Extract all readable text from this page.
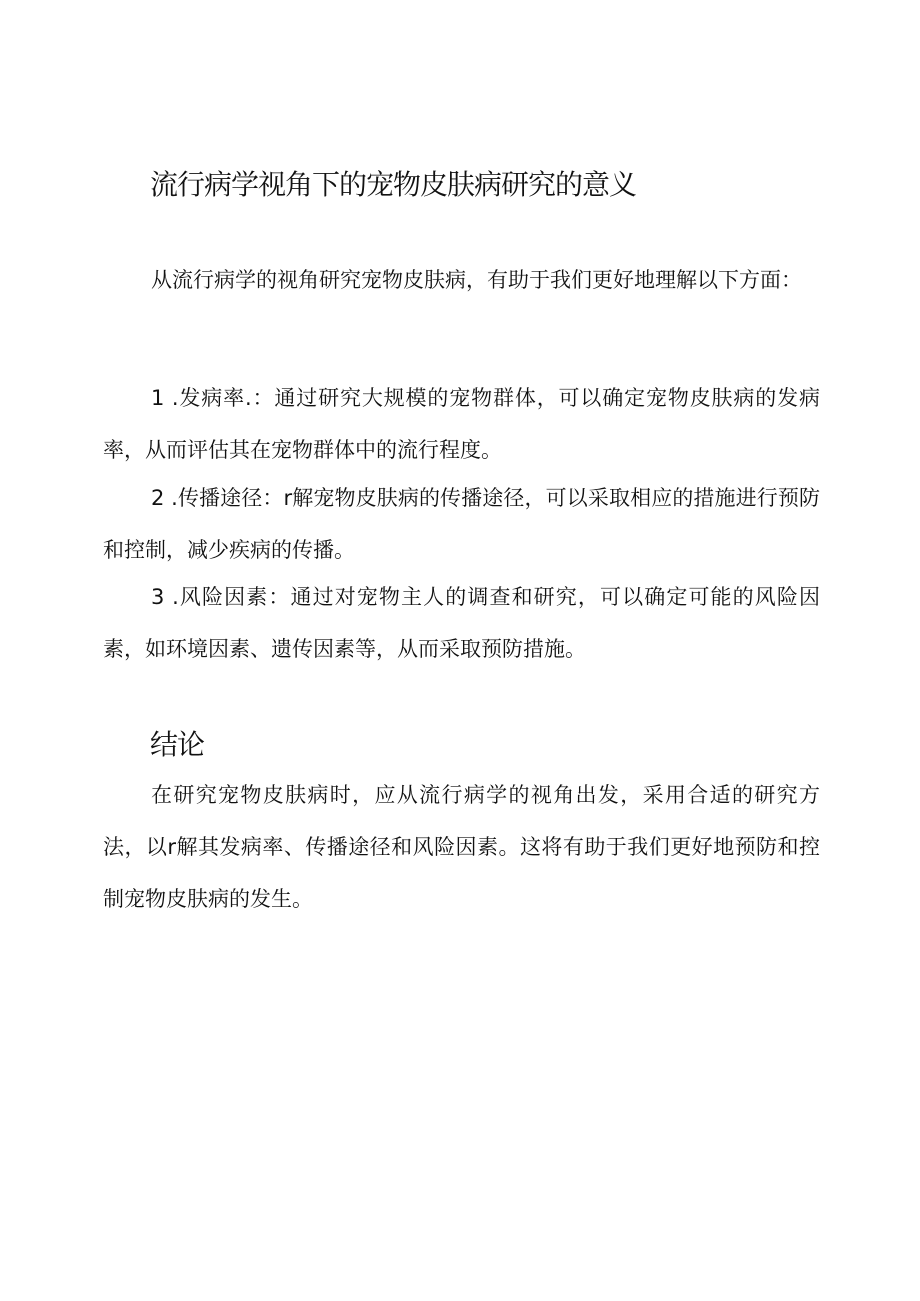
流行病学视角下的宠物皮肤病研究的意义

从流行病学的视角研究宠物皮肤病，有助于我们更好地理解以下方面：

1 .发病率.：通过研究大规模的宠物群体，可以确定宠物皮肤病的发病率，从而评估其在宠物群体中的流行程度。

2 .传播途径：r解宠物皮肤病的传播途径，可以采取相应的措施进行预防和控制，减少疾病的传播。

3 .风险因素：通过对宠物主人的调查和研究，可以确定可能的风险因素，如环境因素、遗传因素等，从而采取预防措施。

结论

在研究宠物皮肤病时，应从流行病学的视角出发，采用合适的研究方法，以r解其发病率、传播途径和风险因素。这将有助于我们更好地预防和控制宠物皮肤病的发生。
